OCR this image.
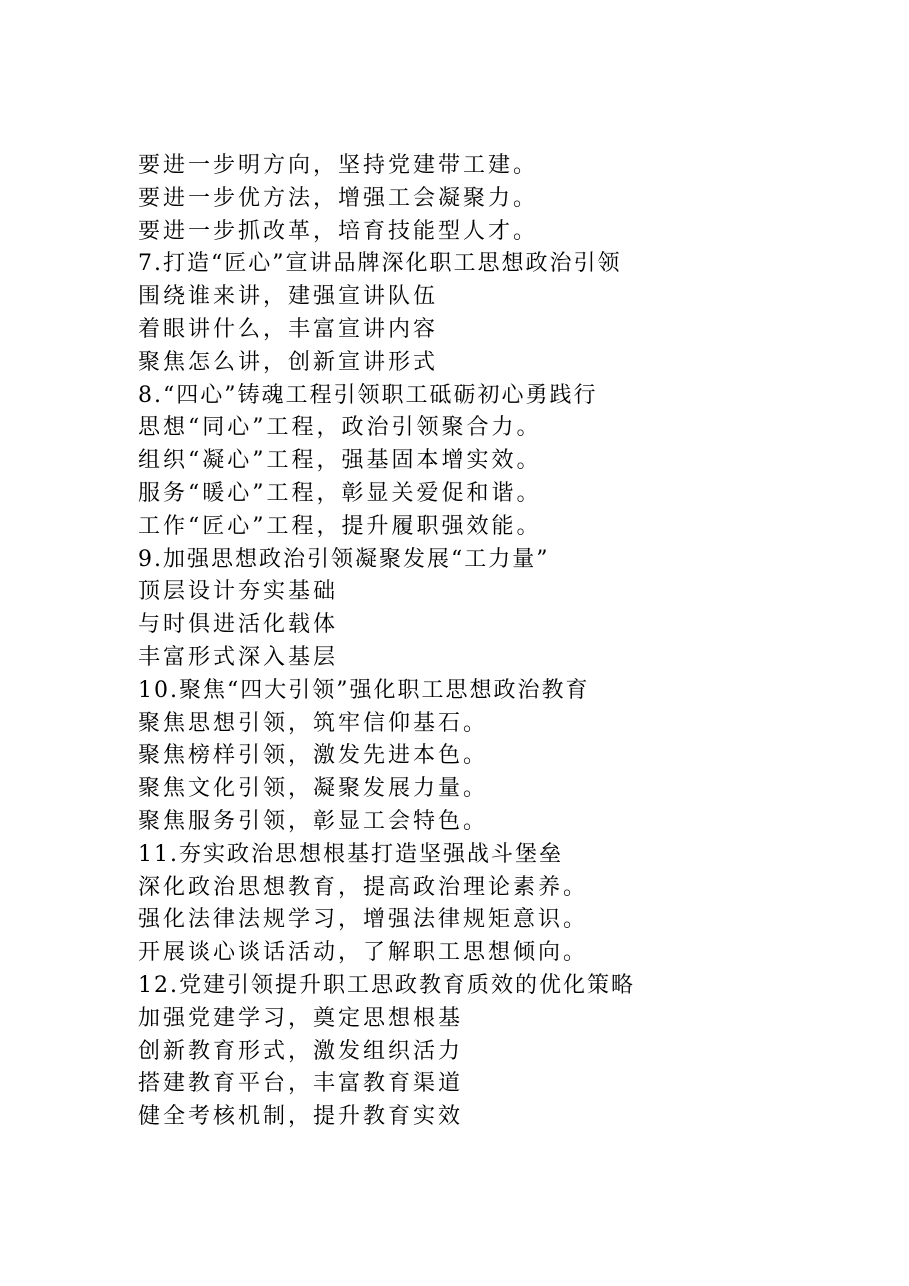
要进一步明方向，坚持党建带工建。
要进一步优方法，增强工会凝聚力。
要进一步抓改革，培育技能型人才。
7.打造“匠心”宣讲品牌深化职工思想政治引领
围绕谁来讲，建强宣讲队伍
着眼讲什么，丰富宣讲内容
聚焦怎么讲，创新宣讲形式
8.“四心”铸魂工程引领职工砥砺初心勇践行
思想“同心”工程，政治引领聚合力。
组织“凝心”工程，强基固本增实效。
服务“暖心”工程，彰显关爱促和谐。
工作“匠心”工程，提升履职强效能。
9.加强思想政治引领凝聚发展“工力量”
顶层设计夯实基础
与时俱进活化载体
丰富形式深入基层
10.聚焦“四大引领”强化职工思想政治教育
聚焦思想引领，筑牢信仰基石。
聚焦榜样引领，激发先进本色。
聚焦文化引领，凝聚发展力量。
聚焦服务引领，彰显工会特色。
11.夯实政治思想根基打造坚强战斗堡垒
深化政治思想教育，提高政治理论素养。
强化法律法规学习，增强法律规矩意识。
开展谈心谈话活动，了解职工思想倾向。
12.党建引领提升职工思政教育质效的优化策略
加强党建学习，奠定思想根基
创新教育形式，激发组织活力
搭建教育平台，丰富教育渠道
健全考核机制，提升教育实效
